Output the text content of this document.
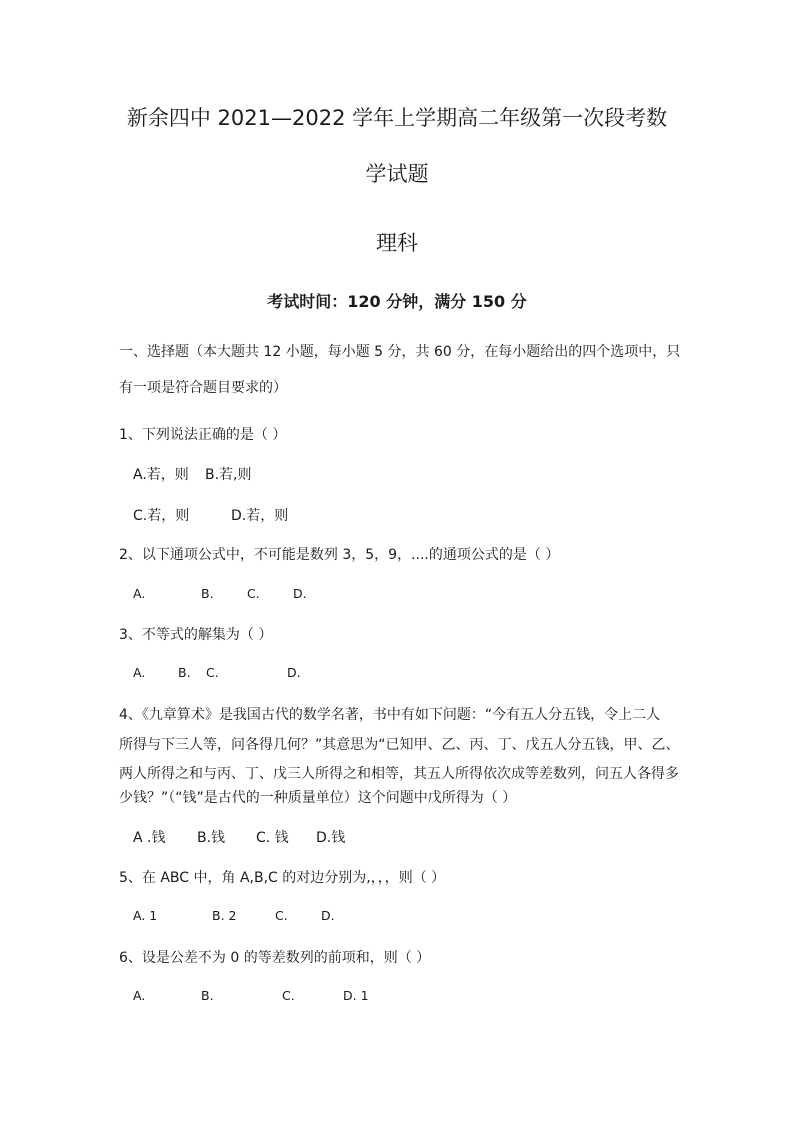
新余四中 2021—2022 学年上学期高二年级第一次段考数
学试题
理科
考试时间：120 分钟，满分 150 分
一、选择题（本大题共 12 小题，每小题 5 分，共 60 分，在每小题给出的四个选项中，只
有一项是符合题目要求的）
1、下列说法正确的是（ ）
A.若，则 B.若,则
C.若，则	D.若，则
2、以下通项公式中，不可能是数列 3，5，9，....的通项公式的是（ ）
A.	B.	C.	D.
3、不等式的解集为（ ）
A.	B. C.	D.
4、《九章算术》是我国古代的数学名著，书中有如下问题：“今有五人分五钱，令上二人
所得与下三人等，问各得几何？”其意思为“已知甲、乙、丙、丁、戊五人分五钱，甲、乙、
两人所得之和与丙、丁、戊三人所得之和相等，其五人所得依次成等差数列，问五人各得多
少钱？”（“钱”是古代的一种质量单位）这个问题中戊所得为（ ）
A .钱 B.钱 C. 钱 D.钱
5、在 ABC 中，角 A,B,C 的对边分别为,，，，则（ ）
A. 1	B. 2	C.	D.
6、设是公差不为 0 的等差数列的前项和，则（ ）
A.	B.	C.	D. 1
